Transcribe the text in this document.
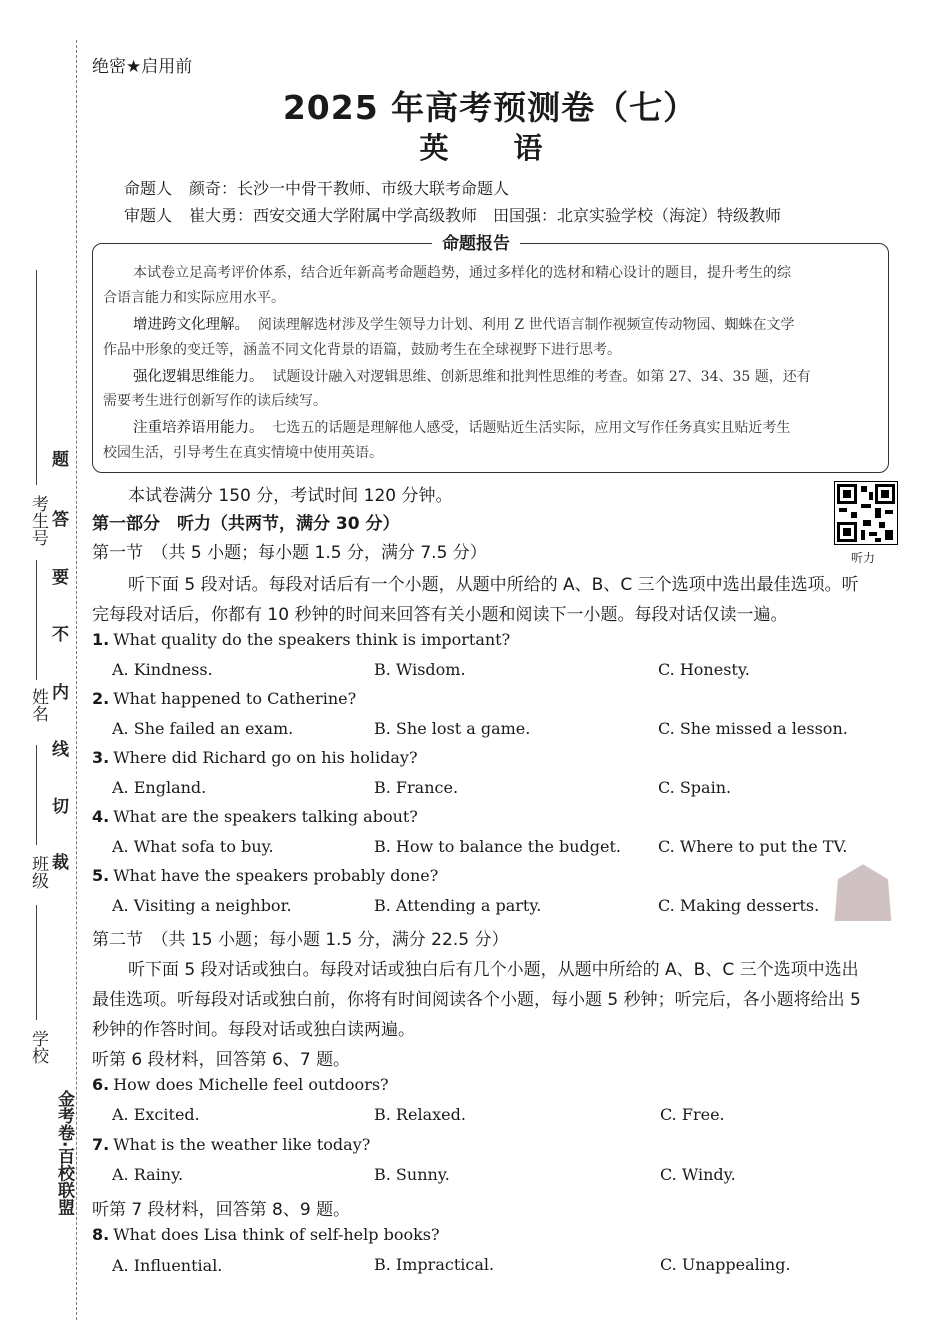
考生号
姓名
班级
学校
题
答
要
不
内
线
切
裁
金考卷·百校联盟
绝密★启用前
2025 年高考预测卷（七）
英　语
命题人 颜奇：长沙一中骨干教师、市级大联考命题人
审题人 崔大勇：西安交通大学附属中学高级教师　田国强：北京实验学校（海淀）特级教师
命题报告
本试卷立足高考评价体系，结合近年新高考命题趋势，通过多样化的选材和精心设计的题目，提升考生的综
合语言能力和实际应用水平。
增进跨文化理解。 阅读理解选材涉及学生领导力计划、利用 Z 世代语言制作视频宣传动物园、蜘蛛在文学
作品中形象的变迁等，涵盖不同文化背景的语篇，鼓励考生在全球视野下进行思考。
强化逻辑思维能力。 试题设计融入对逻辑思维、创新思维和批判性思维的考查。如第 27、34、35 题，还有
需要考生进行创新写作的读后续写。
注重培养语用能力。 七选五的话题是理解他人感受，话题贴近生活实际，应用文写作任务真实且贴近考生
校园生活，引导考生在真实情境中使用英语。
听力
本试卷满分 150 分，考试时间 120 分钟。
第一部分　听力（共两节，满分 30 分）
第一节　（共 5 小题；每小题 1.5 分，满分 7.5 分）
听下面 5 段对话。每段对话后有一个小题，从题中所给的 A、B、C 三个选项中选出最佳选项。听
完每段对话后，你都有 10 秒钟的时间来回答有关小题和阅读下一小题。每段对话仅读一遍。
1. What quality do the speakers think is important?
A. Kindness.	B. Wisdom.	C. Honesty.
2. What happened to Catherine?
A. She failed an exam.	B. She lost a game.	C. She missed a lesson.
3. Where did Richard go on his holiday?
A. England.	B. France.	C. Spain.
4. What are the speakers talking about?
A. What sofa to buy.	B. How to balance the budget. C. Where to put the TV.
5. What have the speakers probably done?
A. Visiting a neighbor.	B. Attending a party.	C. Making desserts. ☗
第二节　（共 15 小题；每小题 1.5 分，满分 22.5 分）
听下面 5 段对话或独白。每段对话或独白后有几个小题，从题中所给的 A、B、C 三个选项中选出
最佳选项。听每段对话或独白前，你将有时间阅读各个小题，每小题 5 秒钟；听完后，各小题将给出 5
秒钟的作答时间。每段对话或独白读两遍。
听第 6 段材料，回答第 6、7 题。
6. How does Michelle feel outdoors?
A. Excited.	B. Relaxed.	C. Free.
7. What is the weather like today?
A. Rainy.	B. Sunny.	C. Windy.
听第 7 段材料，回答第 8、9 题。
8. What does Lisa think of self-help books?
A. Influential.	B. Impractical.	C. Unappealing.
